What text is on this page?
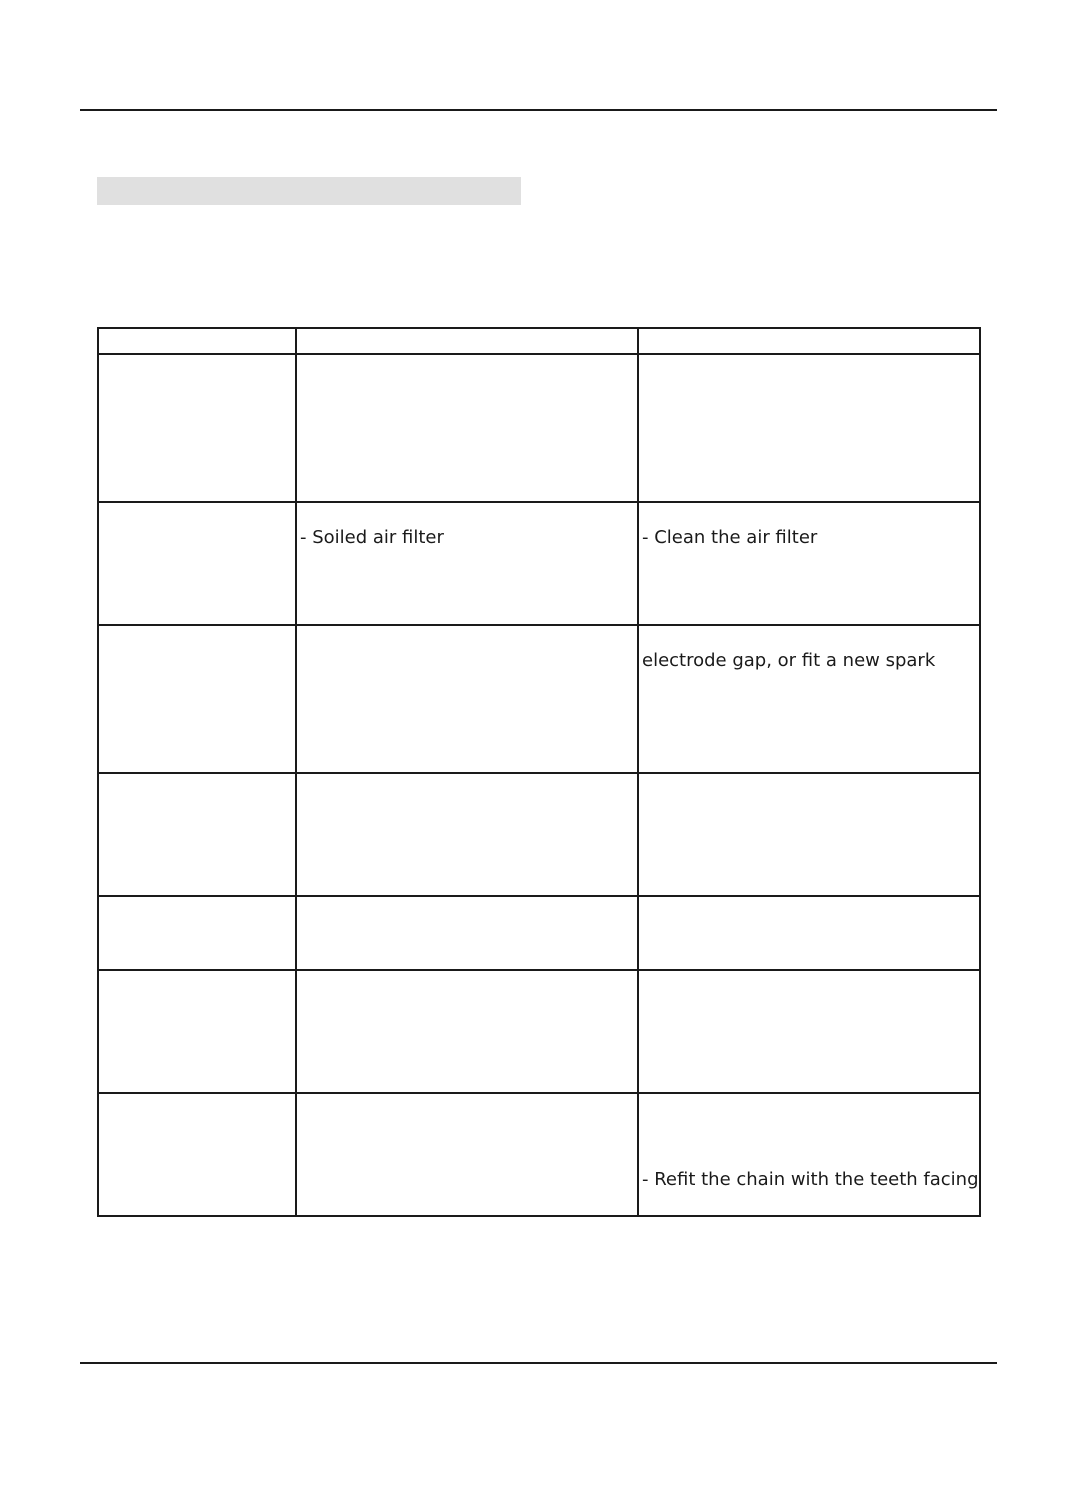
	- Soiled air filter	- Clean the air filter

		electrode gap, or fit a new spark

		- Refit the chain with the teeth facing
